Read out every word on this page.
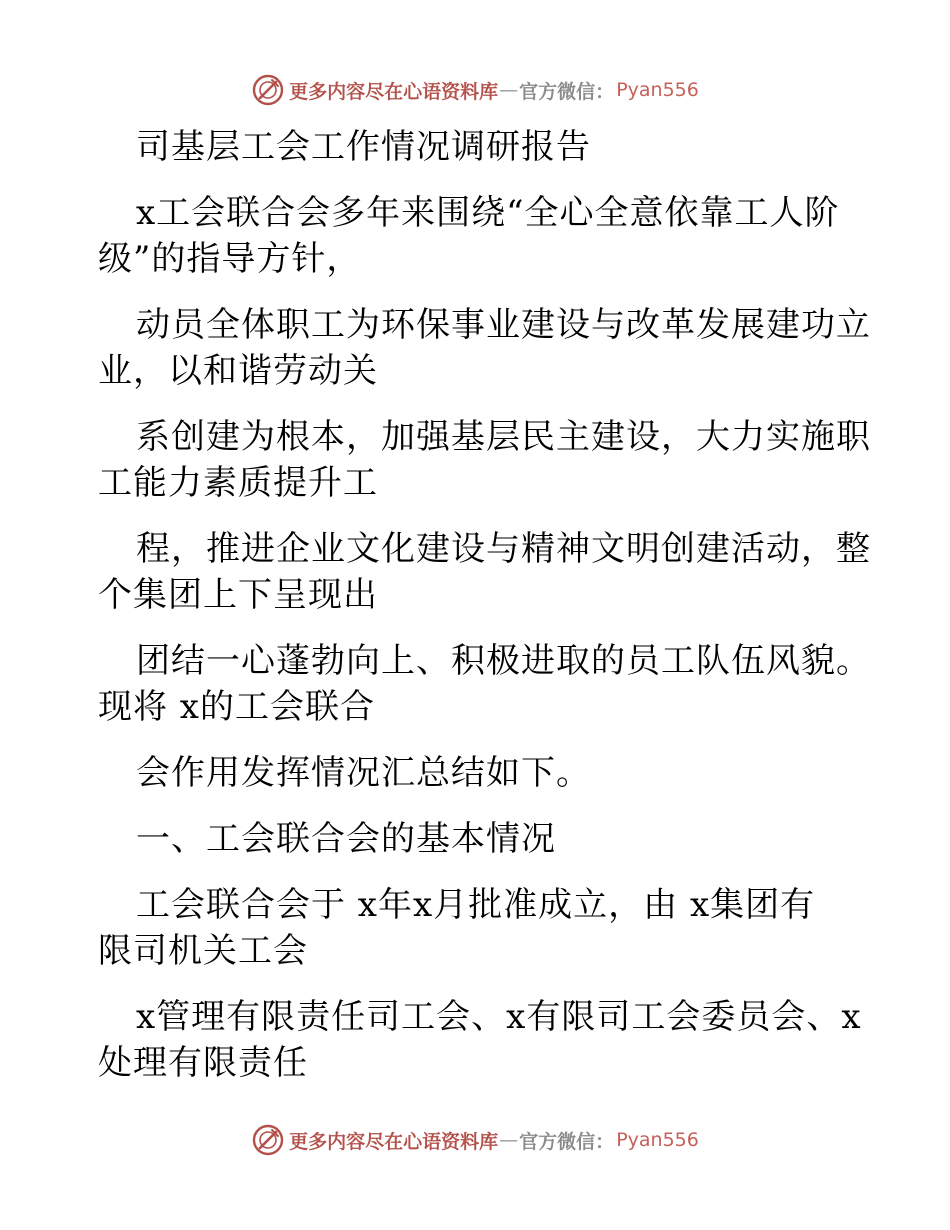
更多内容尽在心语资料库 — 官方微信： Pyan556

司基层工会工作情况调研报告

x工会联合会多年来围绕“全心全意依靠工人阶

级”的指导方针，

动员全体职工为环保事业建设与改革发展建功立

业，以和谐劳动关

系创建为根本，加强基层民主建设，大力实施职

工能力素质提升工

程，推进企业文化建设与精神文明创建活动，整

个集团上下呈现出

团结一心蓬勃向上、积极进取的员工队伍风貌。

现将 x的工会联合

会作用发挥情况汇总结如下。

一、工会联合会的基本情况

工会联合会于 x年x月批准成立，由 x集团有

限司机关工会

x管理有限责任司工会、x有限司工会委员会、x

处理有限责任

更多内容尽在心语资料库 — 官方微信： Pyan556
